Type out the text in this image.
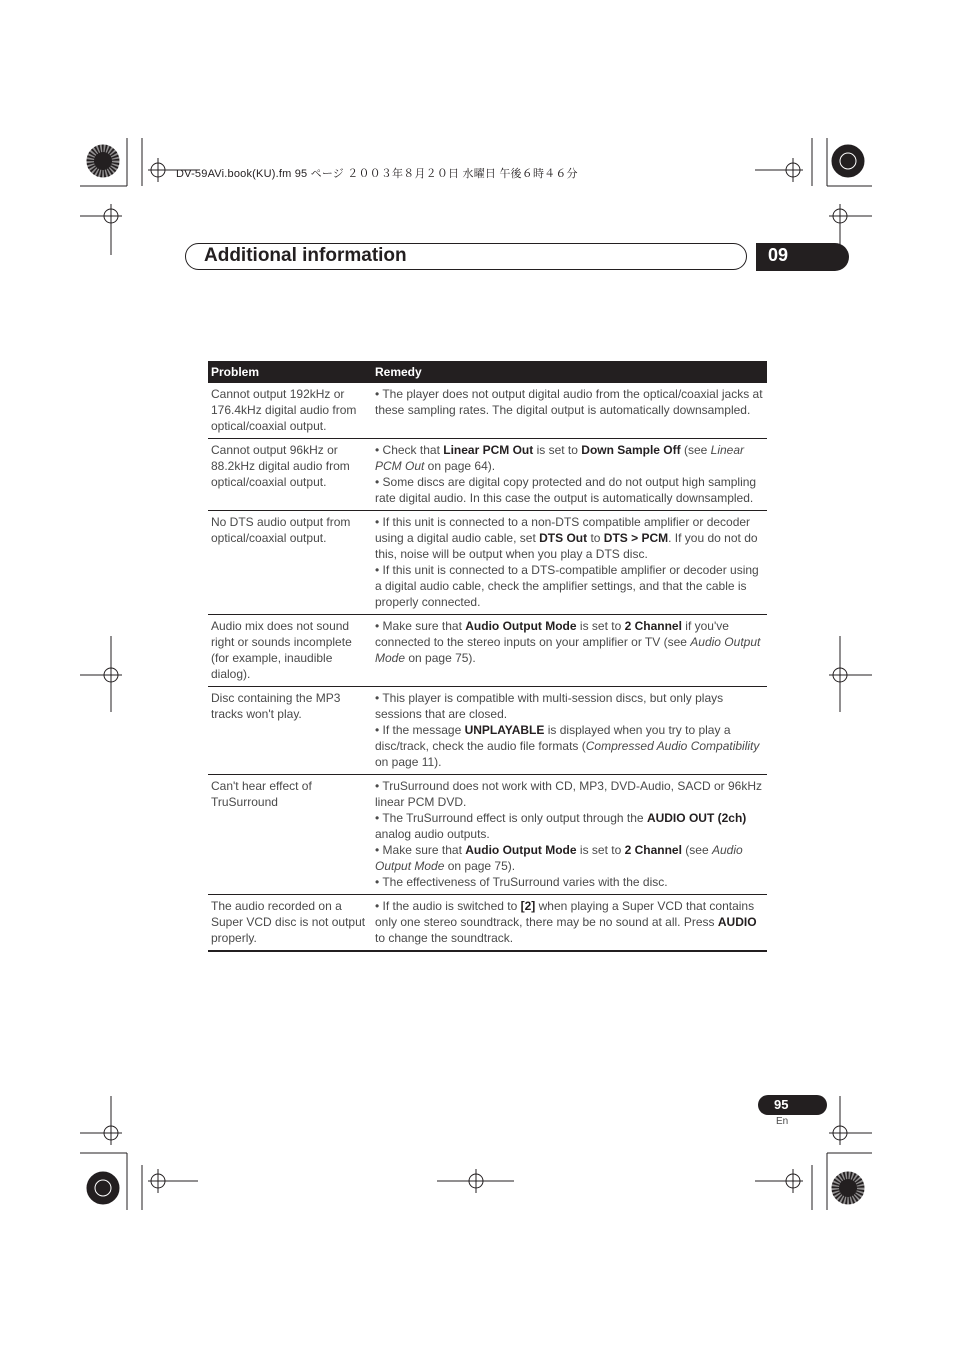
DV-59AVi.book(KU).fm 95 ページ ２００３年８月２０日 水曜日 午後６時４６分
Additional information	09
Problem	Remedy
Cannot output 192kHz or 176.4kHz digital audio from optical/coaxial output.	• The player does not output digital audio from the optical/coaxial jacks at these sampling rates. The digital output is automatically downsampled.

Cannot output 96kHz or 88.2kHz digital audio from optical/coaxial output.	• Check that Linear PCM Out is set to Down Sample Off (see Linear PCM Out on page 64).
• Some discs are digital copy protected and do not output high sampling rate digital audio. In this case the output is automatically downsampled.

No DTS audio output from optical/coaxial output.	• If this unit is connected to a non-DTS compatible amplifier or decoder using a digital audio cable, set DTS Out to DTS > PCM. If you do not do this, noise will be output when you play a DTS disc.
• If this unit is connected to a DTS-compatible amplifier or decoder using a digital audio cable, check the amplifier settings, and that the cable is properly connected.

Audio mix does not sound right or sounds incomplete (for example, inaudible dialog).	• Make sure that Audio Output Mode is set to 2 Channel if you've connected to the stereo inputs on your amplifier or TV (see Audio Output Mode on page 75).

Disc containing the MP3 tracks won't play.	• This player is compatible with multi-session discs, but only plays sessions that are closed.
• If the message UNPLAYABLE is displayed when you try to play a disc/track, check the audio file formats (Compressed Audio Compatibility on page 11).

Can't hear effect of TruSurround	• TruSurround does not work with CD, MP3, DVD-Audio, SACD or 96kHz linear PCM DVD.
• The TruSurround effect is only output through the AUDIO OUT (2ch) analog audio outputs.
• Make sure that Audio Output Mode is set to 2 Channel (see Audio Output Mode on page 75).
• The effectiveness of TruSurround varies with the disc.

The audio recorded on a Super VCD disc is not output properly.	• If the audio is switched to [2] when playing a Super VCD that contains only one stereo soundtrack, there may be no sound at all. Press AUDIO to change the soundtrack.
95
En
